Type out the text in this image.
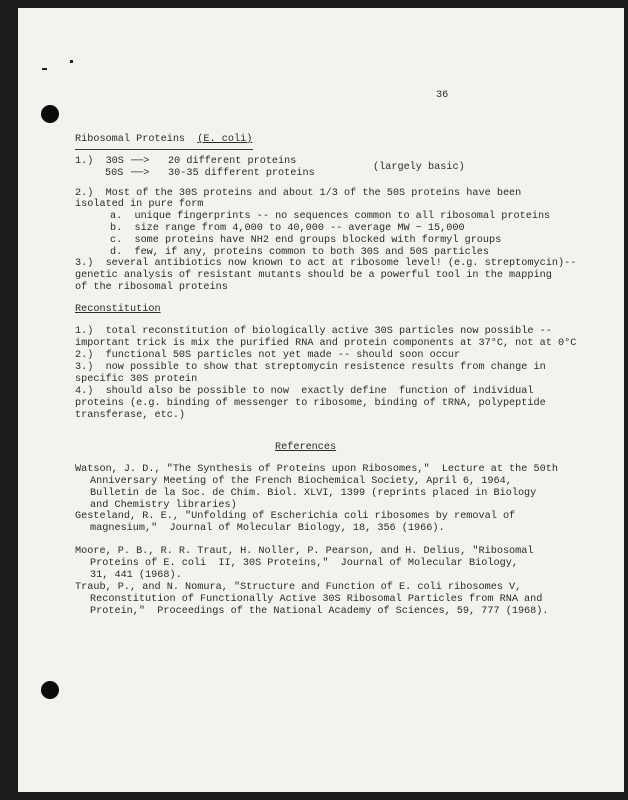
36
Ribosomal Proteins (E. coli)
1.)  30S ──> 20 different proteins
(largely basic)
50S ──> 30-35 different proteins
2.)  Most of the 30S proteins and about 1/3 of the 50S proteins have been
isolated in pure form
a.  unique fingerprints -- no sequences common to all ribosomal proteins
b.  size range from 4,000 to 40,000 -- average MW ~ 15,000
c.  some proteins have NH2 end groups blocked with formyl groups
d.  few, if any, proteins common to both 30S and 50S particles
3.)  several antibiotics now known to act at ribosome level! (e.g. streptomycin)--
genetic analysis of resistant mutants should be a powerful tool in the mapping
of the ribosomal proteins
Reconstitution
1.)  total reconstitution of biologically active 30S particles now possible --
important trick is mix the purified RNA and protein components at 37°C, not at 0°C
2.)  functional 50S particles not yet made -- should soon occur
3.)  now possible to show that streptomycin resistence results from change in
specific 30S protein
4.)  should also be possible to now  exactly define  function of individual
proteins (e.g. binding of messenger to ribosome, binding of tRNA, polypeptide
transferase, etc.)
References
Watson, J. D., "The Synthesis of Proteins upon Ribosomes,"  Lecture at the 50th
Anniversary Meeting of the French Biochemical Society, April 6, 1964,
Bulletin de la Soc. de Chim. Biol. XLVI, 1399 (reprints placed in Biology
and Chemistry libraries)
Gesteland, R. E., "Unfolding of Escherichia coli ribosomes by removal of
magnesium,"  Journal of Molecular Biology, 18, 356 (1966).
Moore, P. B., R. R. Traut, H. Noller, P. Pearson, and H. Delius, "Ribosomal
Proteins of E. coli  II, 30S Proteins,"  Journal of Molecular Biology,
31, 441 (1968).
Traub, P., and N. Nomura, "Structure and Function of E. coli ribosomes V,
Reconstitution of Functionally Active 30S Ribosomal Particles from RNA and
Protein,"  Proceedings of the National Academy of Sciences, 59, 777 (1968).
